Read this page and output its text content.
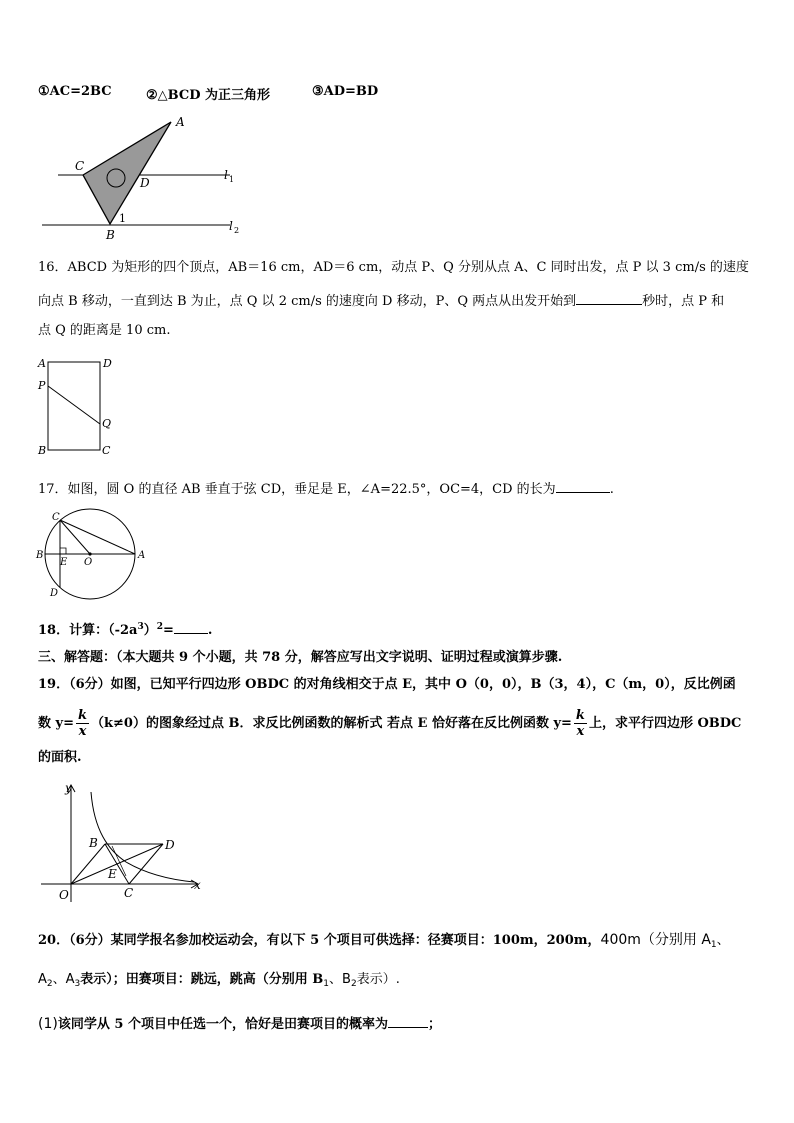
①AC=2BC	②△BCD 为正三角形	③AD=BD
A
C
D
1
B
l 1
l 2
16．ABCD 为矩形的四个顶点，AB＝16 cm，AD＝6 cm，动点 P、Q 分别从点 A、C 同时出发，点 P 以 3 cm/s 的速度
向点 B 移动，一直到达 B 为止，点 Q 以 2 cm/s 的速度向 D 移动，P、Q 两点从出发开始到	秒时，点 P 和
点 Q 的距离是 10 cm.
A	D
P
Q
B	C
17．如图，圆 O 的直径 AB 垂直于弦 CD，垂足是 E，∠A=22.5°，OC=4，CD 的长为	.
C
B
E O
A
D
18．计算：$(-2a^3)^2=$	.
三、解答题：（本大题共 9 个小题，共 78 分，解答应写出文字说明、证明过程或演算步骤.
19．（6分）如图，已知平行四边形 OBDC 的对角线相交于点 E，其中 O（0，0），B（3，4），C（m，0），反比例函
数 $y= \frac{k}{x} (k\ne 0)$的图象经过点 B．求反比例函数的解析式 若点 E 恰好落在反比例函数 $y= \frac{k}{x}$ 上，求平行四边形 OBDC
的面积.
y
x
O
B	D
E
C
20．（6分）某同学报名参加校运动会，有以下 5 个项目可供选择：径赛项目：100m，200m，400m（分别用 $A_1$、
$A_2$、$A_3$表示）；田赛项目：跳远，跳高（分别用 $B_1$、$B_2$表示）.
(1)该同学从 5 个项目中任选一个，恰好是田赛项目的概率为	；
